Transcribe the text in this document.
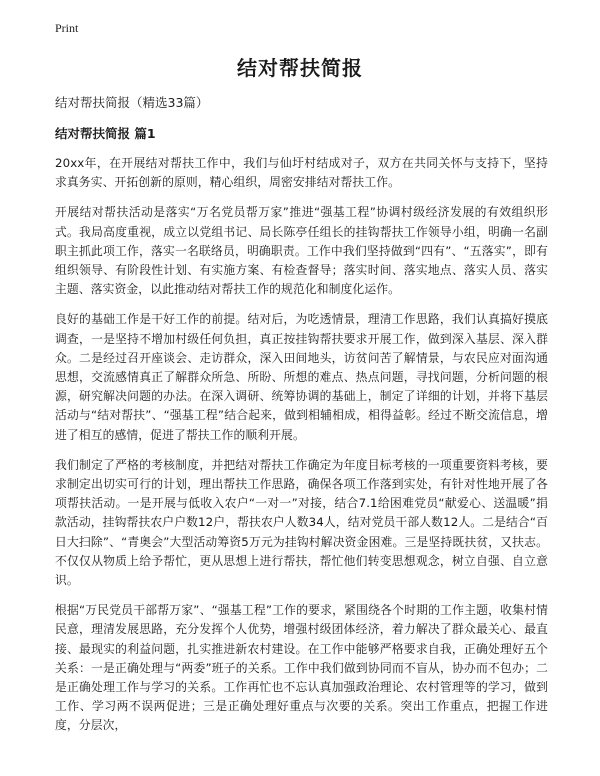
Print
结对帮扶简报
结对帮扶简报（精选33篇）
结对帮扶简报 篇1

20xx年，在开展结对帮扶工作中，我们与仙圩村结成对子，双方在共同关怀与支持下，坚持求真务实、开拓创新的原则，精心组织，周密安排结对帮扶工作。

开展结对帮扶活动是落实“万名党员帮万家”推进“强基工程”协调村级经济发展的有效组织形式。我局高度重视，成立以党组书记、局长陈亭任组长的挂钩帮扶工作领导小组，明确一名副职主抓此项工作，落实一名联络员，明确职责。工作中我们坚持做到“四有”、“五落实”，即有组织领导、有阶段性计划、有实施方案、有检查督导；落实时间、落实地点、落实人员、落实主题、落实资金，以此推动结对帮扶工作的规范化和制度化运作。

良好的基础工作是干好工作的前提。结对后，为吃透情景，理清工作思路，我们认真搞好摸底调查，一是坚持不增加村级任何负担，真正按挂钩帮扶要求开展工作，做到深入基层、深入群众。二是经过召开座谈会、走访群众，深入田间地头，访贫问苦了解情景，与农民应对面沟通思想，交流感情真正了解群众所急、所盼、所想的难点、热点问题，寻找问题，分析问题的根源，研究解决问题的办法。在深入调研、统筹协调的基础上，制定了详细的计划，并将下基层活动与“结对帮扶”、“强基工程”结合起来，做到相辅相成，相得益彰。经过不断交流信息，增进了相互的感情，促进了帮扶工作的顺利开展。

我们制定了严格的考核制度，并把结对帮扶工作确定为年度目标考核的一项重要资料考核，要求制定出切实可行的计划，理出帮扶工作思路，确保各项工作落到实处，有针对性地开展了各项帮扶活动。一是开展与低收入农户“一对一”对接，结合7.1给困难党员“献爱心、送温暖”捐款活动，挂钩帮扶农户户数12户，帮扶农户人数34人，结对党员干部人数12人。二是结合“百日大扫除”、“青奥会”大型活动筹资5万元为挂钩村解决资金困难。三是坚持既扶贫，又扶志。不仅仅从物质上给予帮忙，更从思想上进行帮扶，帮忙他们转变思想观念，树立自强、自立意识。

根据“万民党员干部帮万家”、“强基工程”工作的要求，紧围绕各个时期的工作主题，收集村情民意，理清发展思路，充分发挥个人优势，增强村级团体经济，着力解决了群众最关心、最直接、最现实的利益问题，扎实推进新农村建设。在工作中能够严格要求自我，正确处理好五个关系：一是正确处理与“两委”班子的关系。工作中我们做到协同而不盲从，协办而不包办；二是正确处理工作与学习的关系。工作再忙也不忘认真加强政治理论、农村管理等的学习，做到工作、学习两不误两促进；三是正确处理好重点与次要的关系。突出工作重点，把握工作进度，分层次，
